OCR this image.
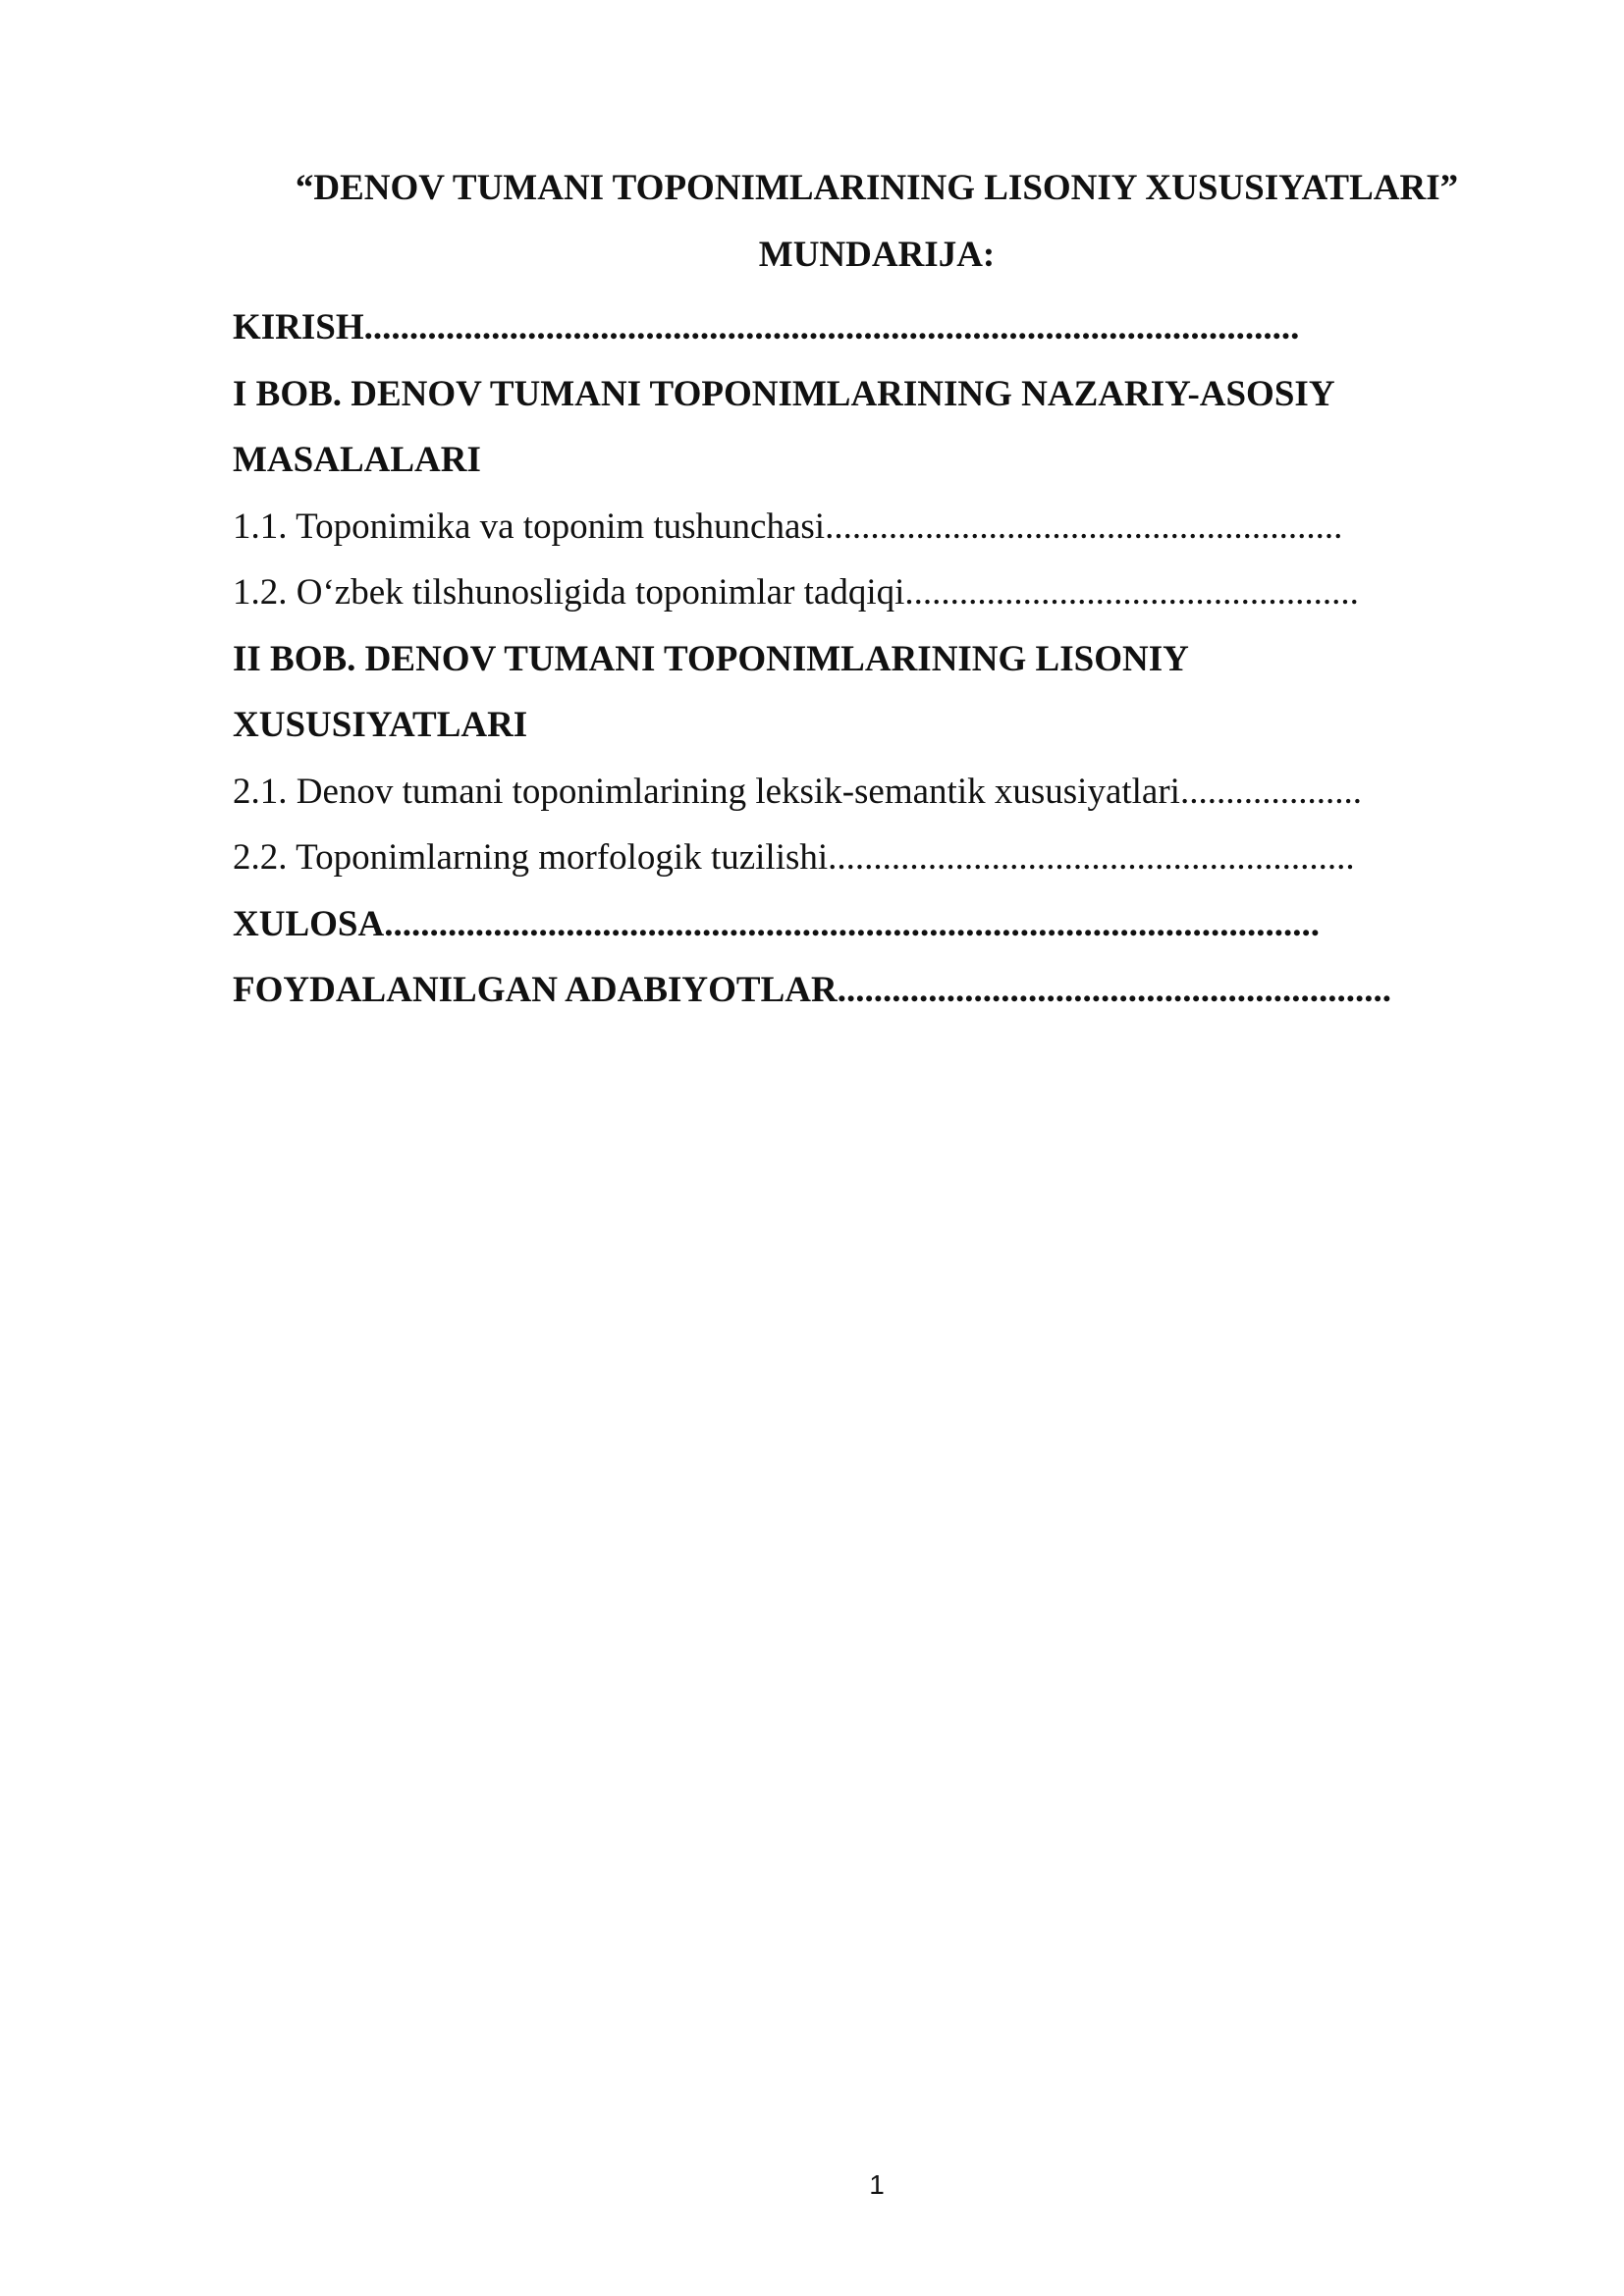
“DENOV TUMANI TOPONIMLARINING LISONIY XUSUSIYATLARI”
MUNDARIJA:
KIRISH.......................................................................................................
I BOB. DENOV TUMANI TOPONIMLARINING NAZARIY-ASOSIY
MASALALARI
1.1. Toponimika va toponim tushunchasi.........................................................
1.2. O‘zbek tilshunosligida toponimlar tadqiqi..................................................
II BOB. DENOV TUMANI TOPONIMLARINING LISONIY
XUSUSIYATLARI
2.1. Denov tumani toponimlarining leksik-semantik xususiyatlari....................
2.2. Toponimlarning morfologik tuzilishi..........................................................
XULOSA.......................................................................................................
FOYDALANILGAN ADABIYOTLAR.............................................................
1
